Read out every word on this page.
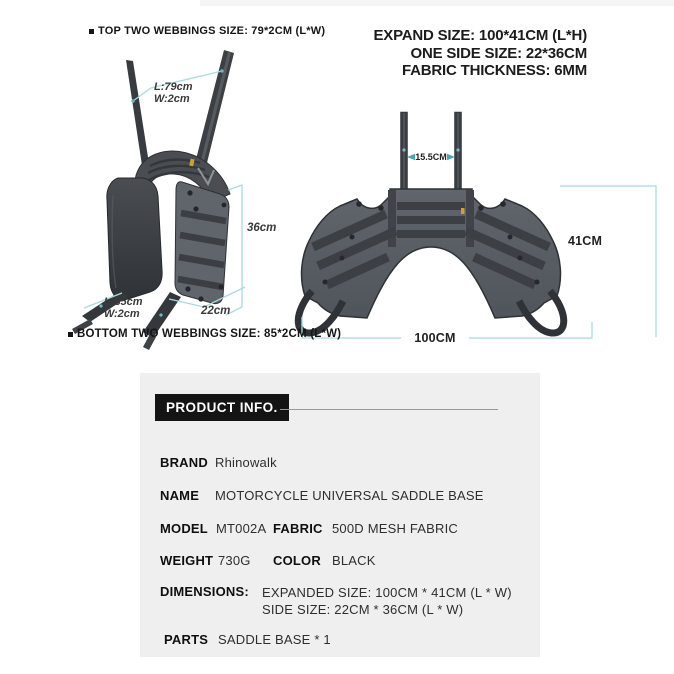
TOP TWO WEBBINGS SIZE: 79*2CM (L*W)	EXPAND SIZE: 100*41CM (L*H)
ONE SIDE SIZE: 22*36CM
FABRIC THICKNESS: 6MM
L:79cm
W:2cm
36cm
L:85cm
W:2cm	22cm
BOTTOM TWO WEBBINGS SIZE: 85*2CM (L*W)
15.5CM
41CM
100CM
PRODUCT INFO.
BRAND Rhinowalk
NAME MOTORCYCLE UNIVERSAL SADDLE BASE
MODEL MT002A FABRIC 500D MESH FABRIC
WEIGHT 730G COLOR BLACK
DIMENSIONS: EXPANDED SIZE: 100CM * 41CM (L * W)
SIDE SIZE: 22CM * 36CM (L * W)
PARTS SADDLE BASE * 1
